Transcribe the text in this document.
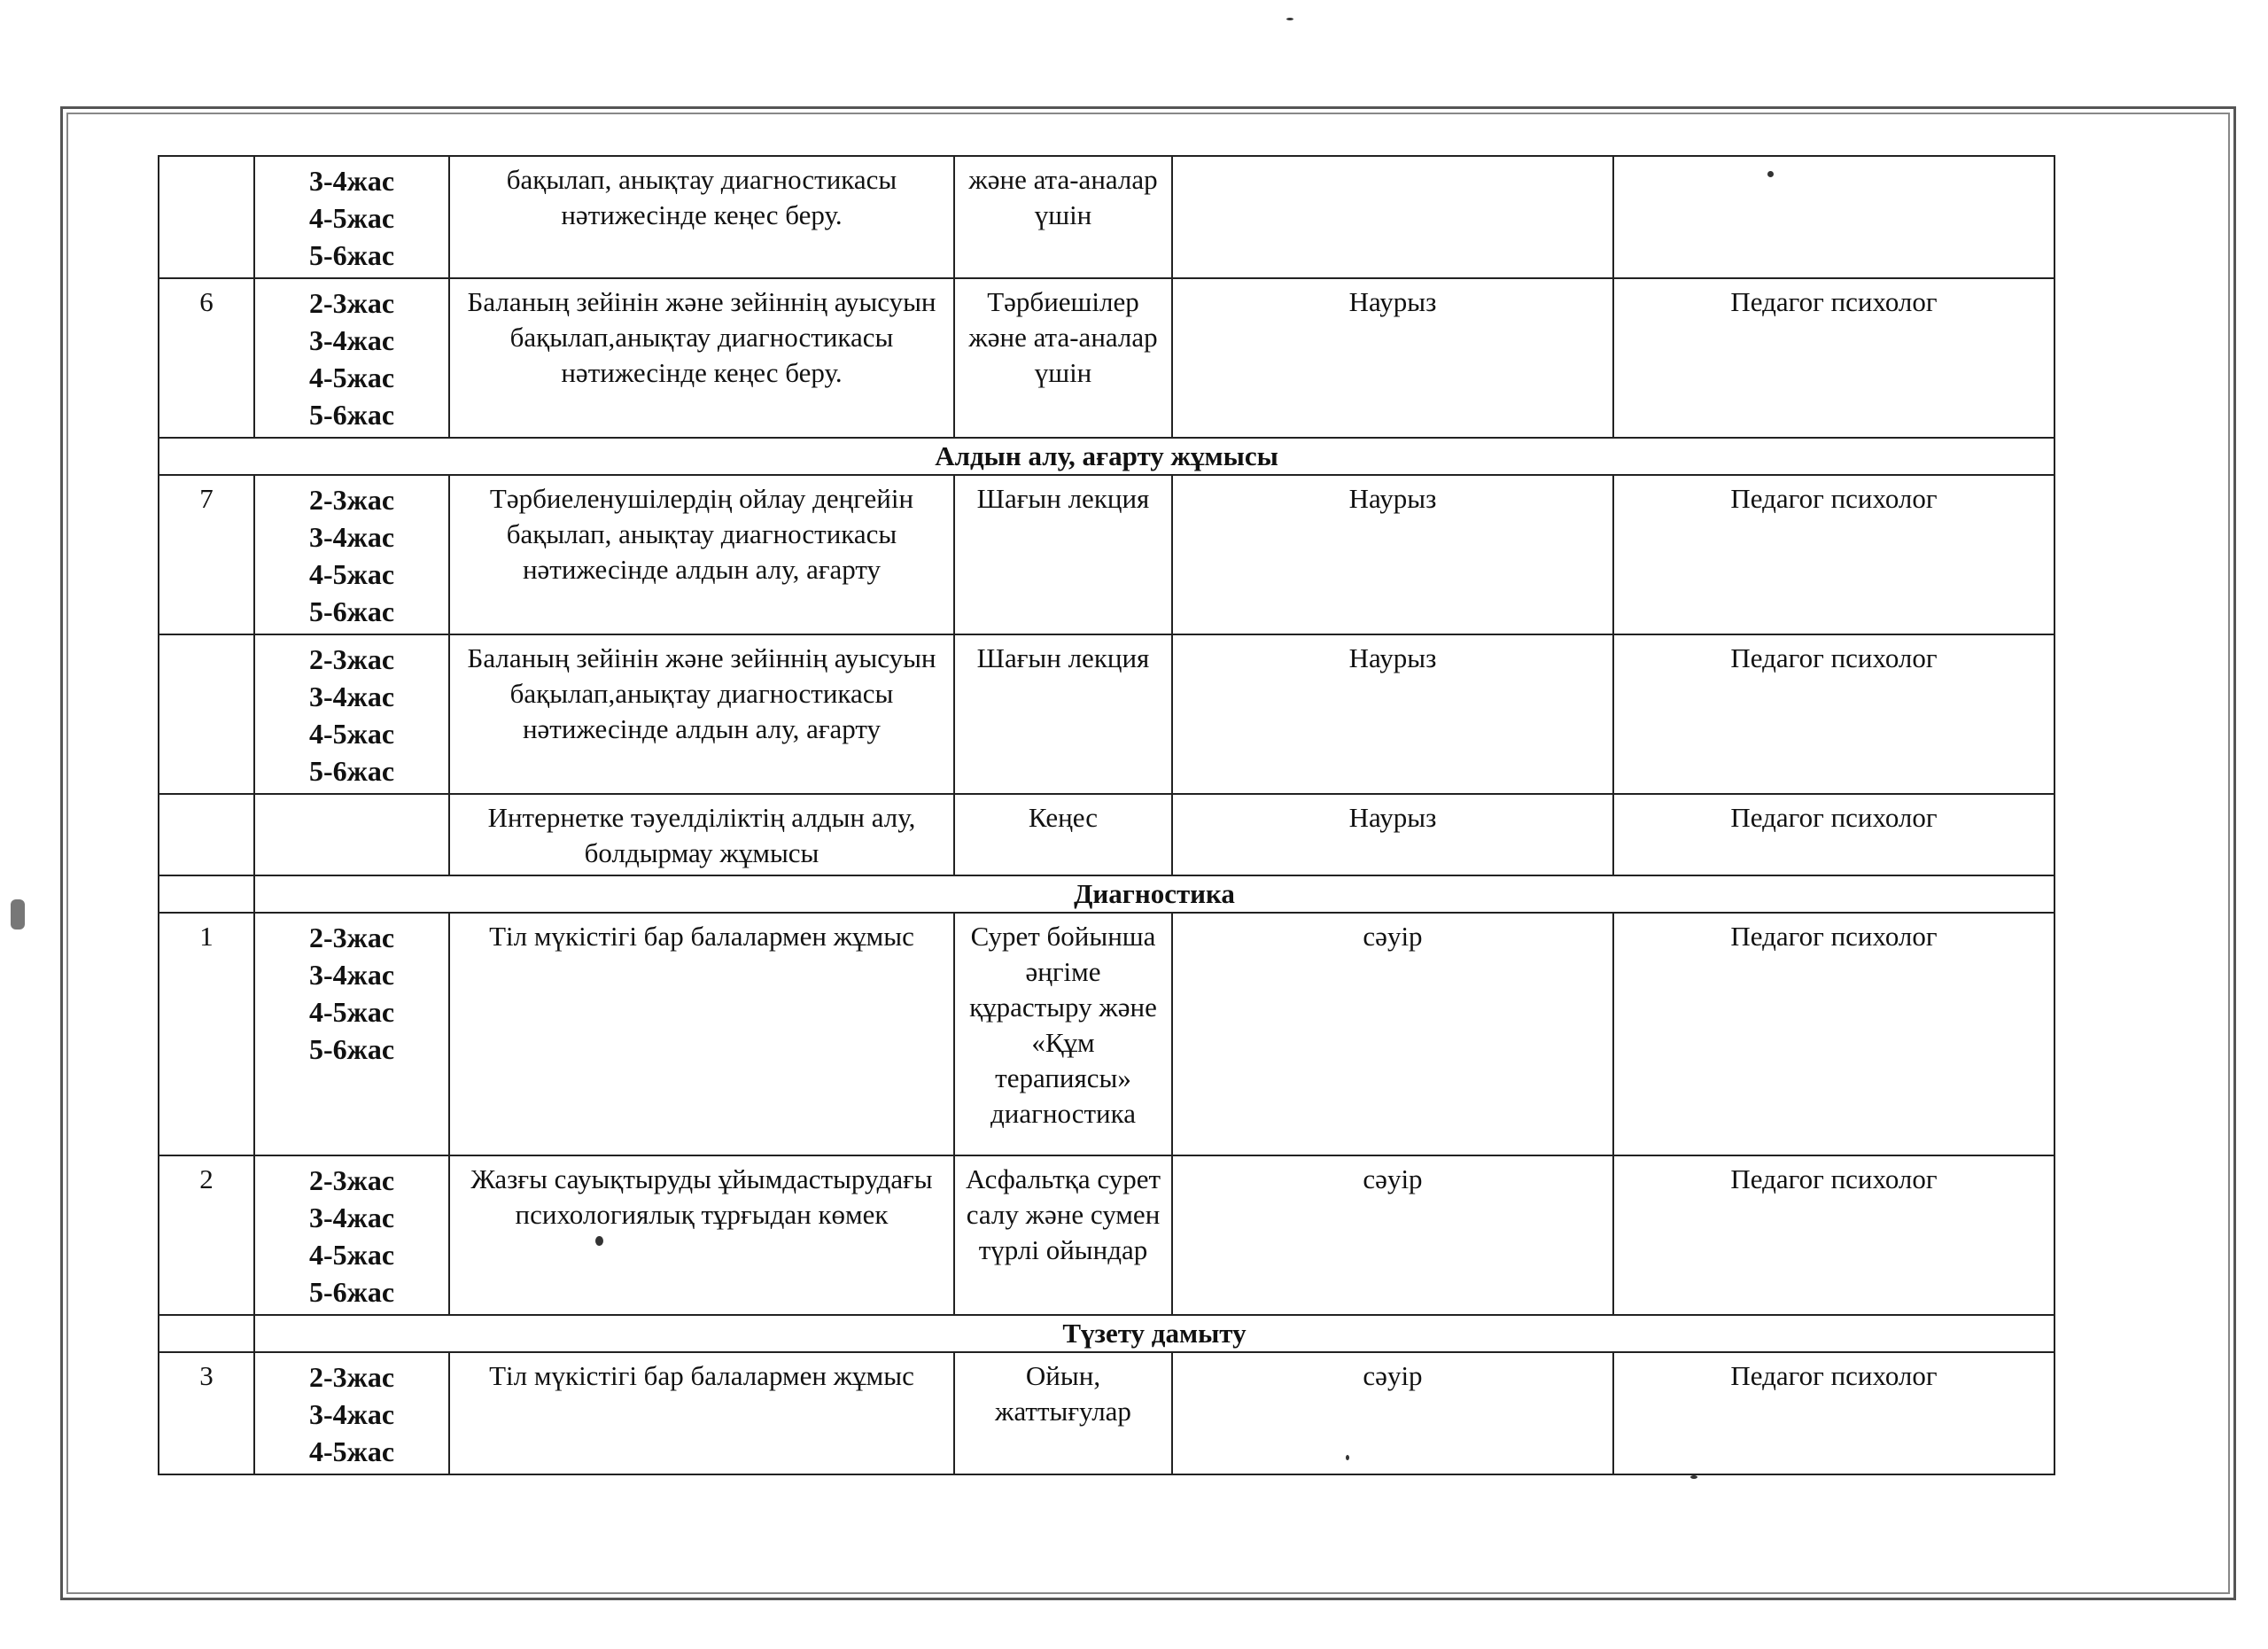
	3-4жас
4-5жас
5-6жас	бақылап, анықтау диагностикасы нәтижесінде кеңес беру.	және ата-аналар үшін		
6	2-3жас
3-4жас
4-5жас
5-6жас	Баланың зейінін және зейіннің ауысуын бақылап,анықтау диагностикасы нәтижесінде кеңес беру.	Тәрбиешілер және ата-аналар үшін	Наурыз	Педагог психолог
Алдын алу, ағарту жұмысы					
7	2-3жас
3-4жас
4-5жас
5-6жас	Тәрбиеленушілердің ойлау деңгейін бақылап, анықтау диагностикасы нәтижесінде алдын алу, ағарту	Шағын лекция	Наурыз	Педагог психолог

	2-3жас
3-4жас
4-5жас
5-6жас	Баланың зейінін және зейіннің ауысуын бақылап,анықтау диагностикасы нәтижесінде алдын алу, ағарту	Шағын лекция	Наурыз	Педагог психолог
		Интернетке тәуелділіктің алдын алу, болдырмау жұмысы	Кеңес	Наурыз	Педагог психолог
	Диагностика				
1	2-3жас
3-4жас
4-5жас
5-6жас	Тіл мүкістігі бар балалармен жұмыс	Сурет бойынша әңгіме құрастыру және «Құм терапиясы» диагностика	сәуір	Педагог психолог
2	2-3жас
3-4жас
4-5жас
5-6жас	Жазғы сауықтыруды ұйымдастырудағы психологиялық тұрғыдан көмек	Асфальтқа сурет салу және сумен түрлі ойындар	сәуір	Педагог психолог
	Түзету дамыту				
3	2-3жас
3-4жас
4-5жас	Тіл мүкістігі бар балалармен жұмыс	Ойын, жаттығулар	сәуір	Педагог психолог
